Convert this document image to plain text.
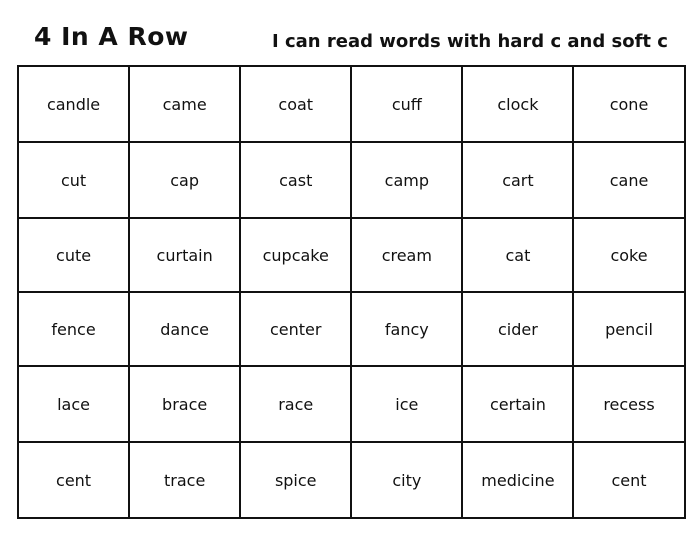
4 In A Row	I can read words with hard c and soft c
candle	came	coat	cuff	clock	cone
cut	cap	cast	camp	cart	cane
cute	curtain	cupcake	cream	cat	coke
fence	dance	center	fancy	cider	pencil
lace	brace	race	ice	certain	recess
cent	trace	spice	city	medicine	cent
